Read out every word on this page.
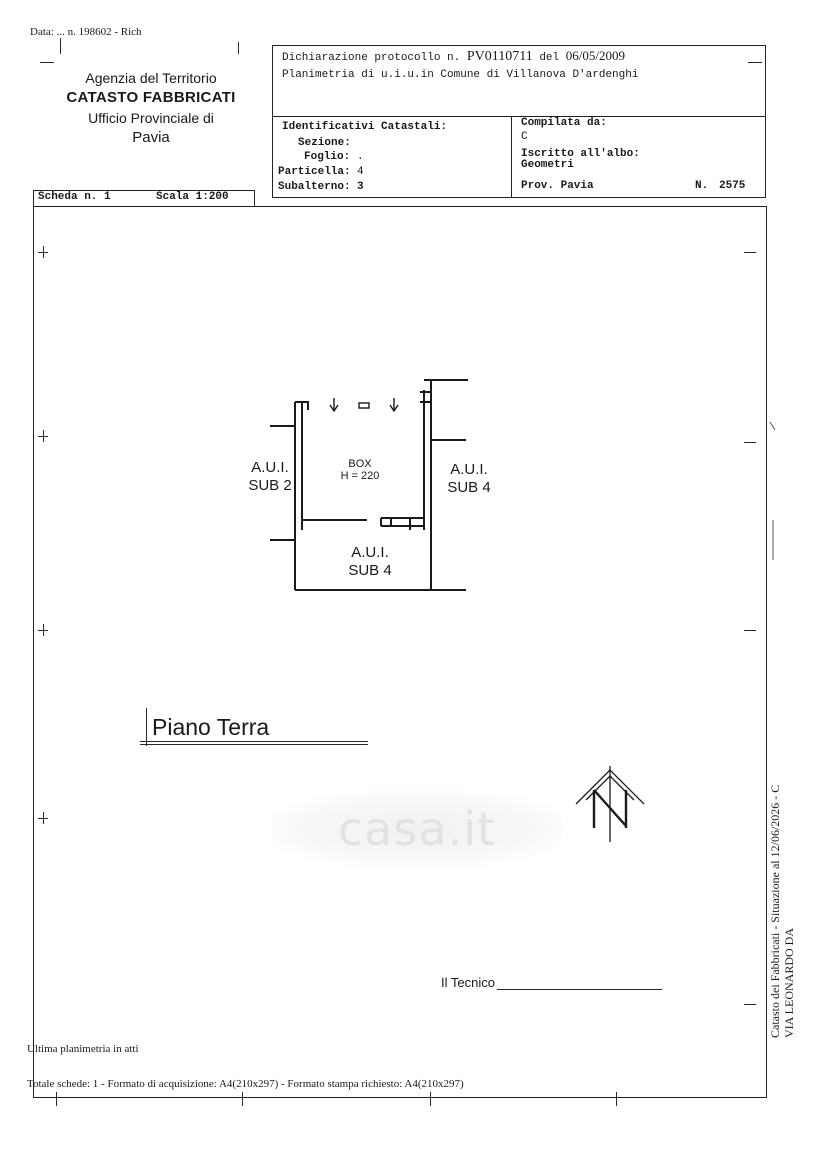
Data: ... n. 198602 - Rich
Agenzia del Territorio
CATASTO FABBRICATI
Ufficio Provinciale di
Pavia
Dichiarazione protocollo n. PV0110711 del 06/05/2009
Planimetria di u.i.u.in Comune di Villanova D'ardenghi
Identificativi Catastali:
Sezione:
Foglio: .
Particella: 4
Subalterno: 3
Compilata da:
C
Iscritto all'albo:
Geometri
Prov. Pavia	N. 2575
Scheda n. 1	Scala 1:200
A.U.I.
SUB 2
A.U.I.
SUB 4
A.U.I.
SUB 4
BOX
H = 220
Piano Terra
casa.it
Il Tecnico
Ultima planimetria in atti
Totale schede: 1 - Formato di acquisizione: A4(210x297) - Formato stampa richiesto: A4(210x297)
Catasto dei Fabbricati - Situazione al 12/06/2026 - C VIA LEONARDO DA
